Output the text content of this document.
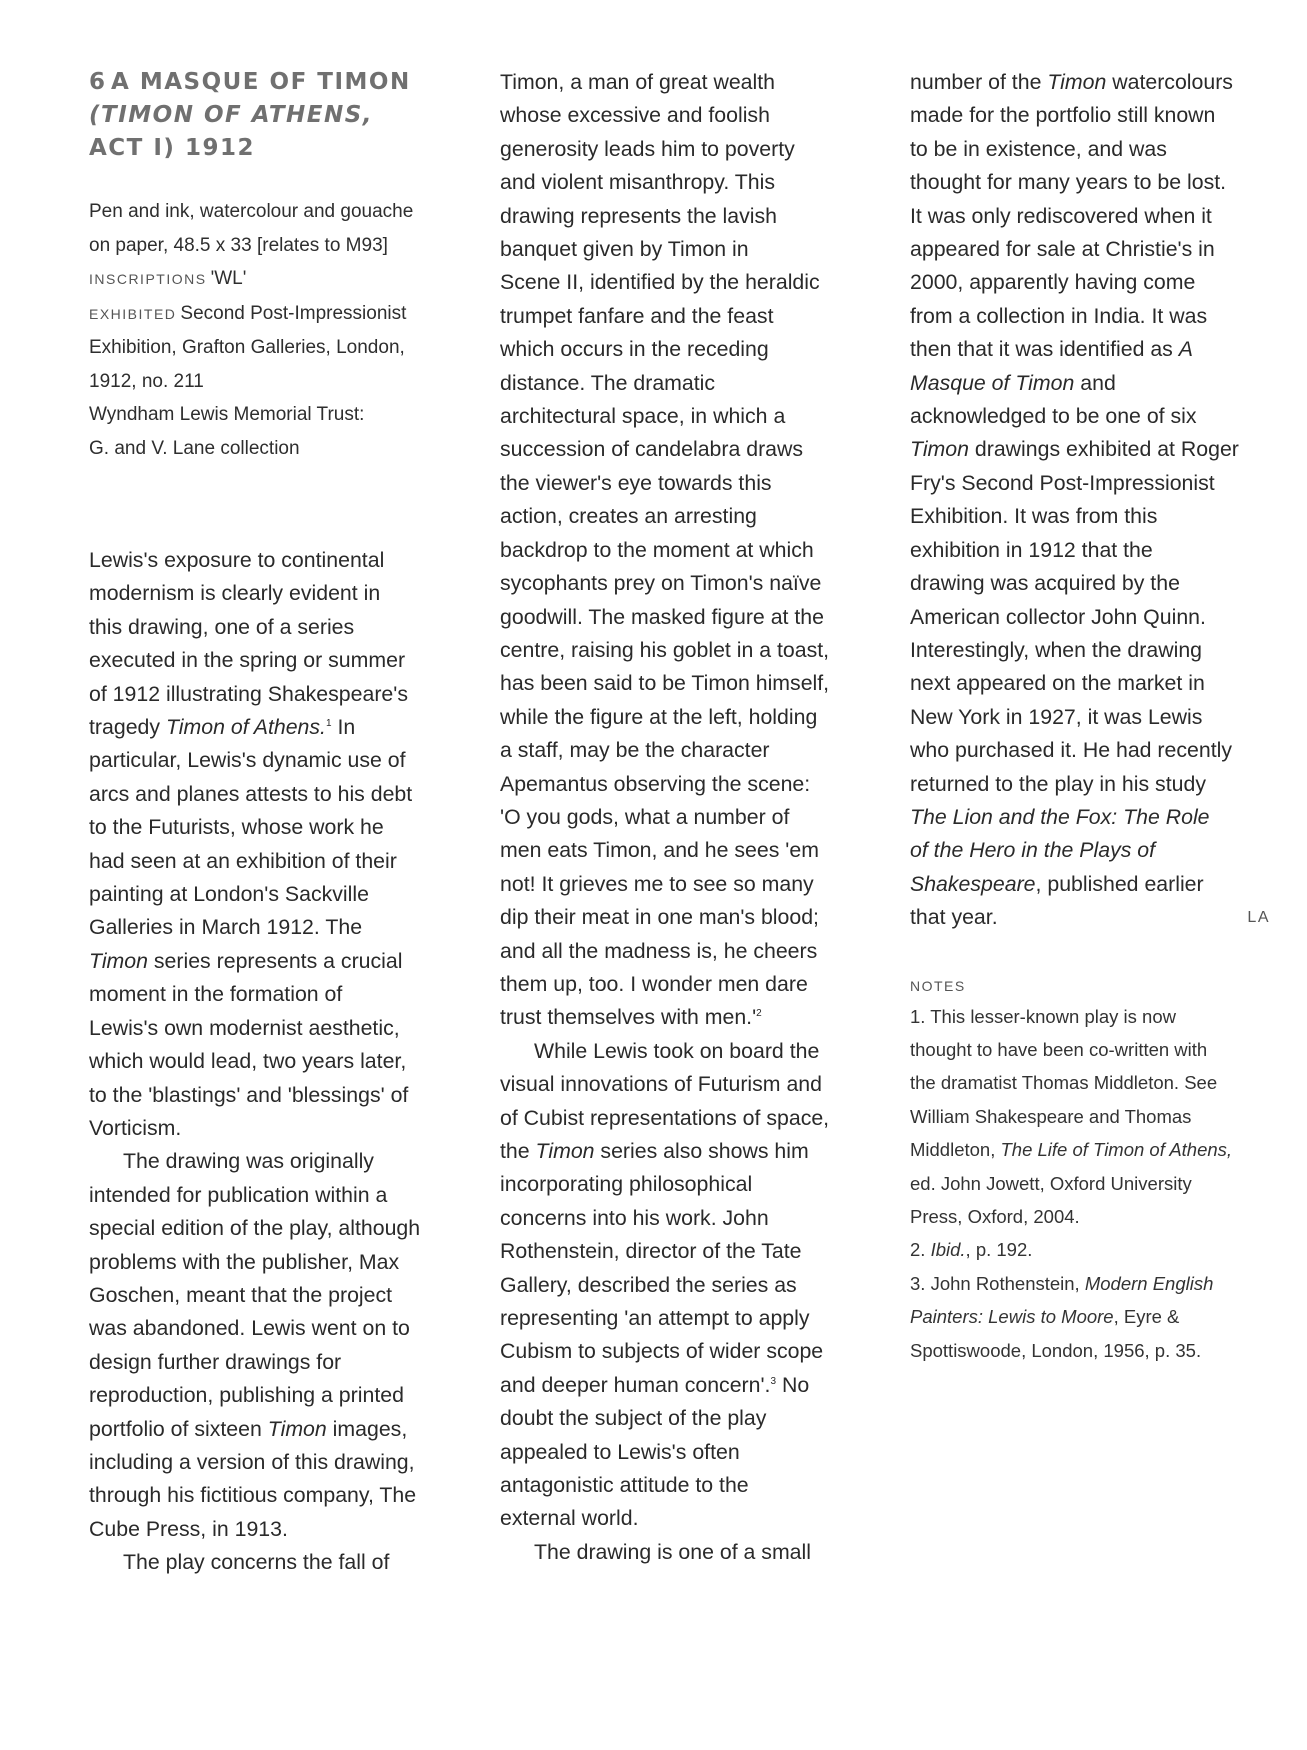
6 A MASQUE OF TIMON
(TIMON OF ATHENS,
ACT I) 1912
Pen and ink, watercolour and gouache
on paper, 48.5 x 33 [relates to M93]
INSCRIPTIONS 'WL'
EXHIBITED Second Post-Impressionist
Exhibition, Grafton Galleries, London,
1912, no. 211
Wyndham Lewis Memorial Trust:
G. and V. Lane collection
Lewis's exposure to continental
modernism is clearly evident in
this drawing, one of a series
executed in the spring or summer
of 1912 illustrating Shakespeare's
tragedy Timon of Athens.$^1$ In
particular, Lewis's dynamic use of
arcs and planes attests to his debt
to the Futurists, whose work he
had seen at an exhibition of their
painting at London's Sackville
Galleries in March 1912. The
Timon series represents a crucial
moment in the formation of
Lewis's own modernist aesthetic,
which would lead, two years later,
to the 'blastings' and 'blessings' of
Vorticism.
The drawing was originally
intended for publication within a
special edition of the play, although
problems with the publisher, Max
Goschen, meant that the project
was abandoned. Lewis went on to
design further drawings for
reproduction, publishing a printed
portfolio of sixteen Timon images,
including a version of this drawing,
through his fictitious company, The
Cube Press, in 1913.
The play concerns the fall of
Timon, a man of great wealth
whose excessive and foolish
generosity leads him to poverty
and violent misanthropy. This
drawing represents the lavish
banquet given by Timon in
Scene II, identified by the heraldic
trumpet fanfare and the feast
which occurs in the receding
distance. The dramatic
architectural space, in which a
succession of candelabra draws
the viewer's eye towards this
action, creates an arresting
backdrop to the moment at which
sycophants prey on Timon's naïve
goodwill. The masked figure at the
centre, raising his goblet in a toast,
has been said to be Timon himself,
while the figure at the left, holding
a staff, may be the character
Apemantus observing the scene:
'O you gods, what a number of
men eats Timon, and he sees 'em
not! It grieves me to see so many
dip their meat in one man's blood;
and all the madness is, he cheers
them up, too. I wonder men dare
trust themselves with $men.'^2$
While Lewis took on board the
visual innovations of Futurism and
of Cubist representations of space,
the Timon series also shows him
incorporating philosophical
concerns into his work. John
Rothenstein, director of the Tate
Gallery, described the series as
representing 'an attempt to apply
Cubism to subjects of wider scope
and deeper human concern'.$^3$ No
doubt the subject of the play
appealed to Lewis's often
antagonistic attitude to the
external world.
The drawing is one of a small
number of the Timon watercolours
made for the portfolio still known
to be in existence, and was
thought for many years to be lost.
It was only rediscovered when it
appeared for sale at Christie's in
2000, apparently having come
from a collection in India. It was
then that it was identified as A
Masque of Timon and
acknowledged to be one of six
Timon drawings exhibited at Roger
Fry's Second Post-Impressionist
Exhibition. It was from this
exhibition in 1912 that the
drawing was acquired by the
American collector John Quinn.
Interestingly, when the drawing
next appeared on the market in
New York in 1927, it was Lewis
who purchased it. He had recently
returned to the play in his study
The Lion and the Fox: The Role
of the Hero in the Plays of
Shakespeare, published earlier
that year.	LA
NOTES
1. This lesser-known play is now
thought to have been co-written with
the dramatist Thomas Middleton. See
William Shakespeare and Thomas
Middleton, The Life of Timon of Athens,
ed. John Jowett, Oxford University
Press, Oxford, 2004.
2. Ibid., p. 192.
3. John Rothenstein, Modern English
Painters: Lewis to Moore, Eyre &
Spottiswoode, London, 1956, p. 35.
